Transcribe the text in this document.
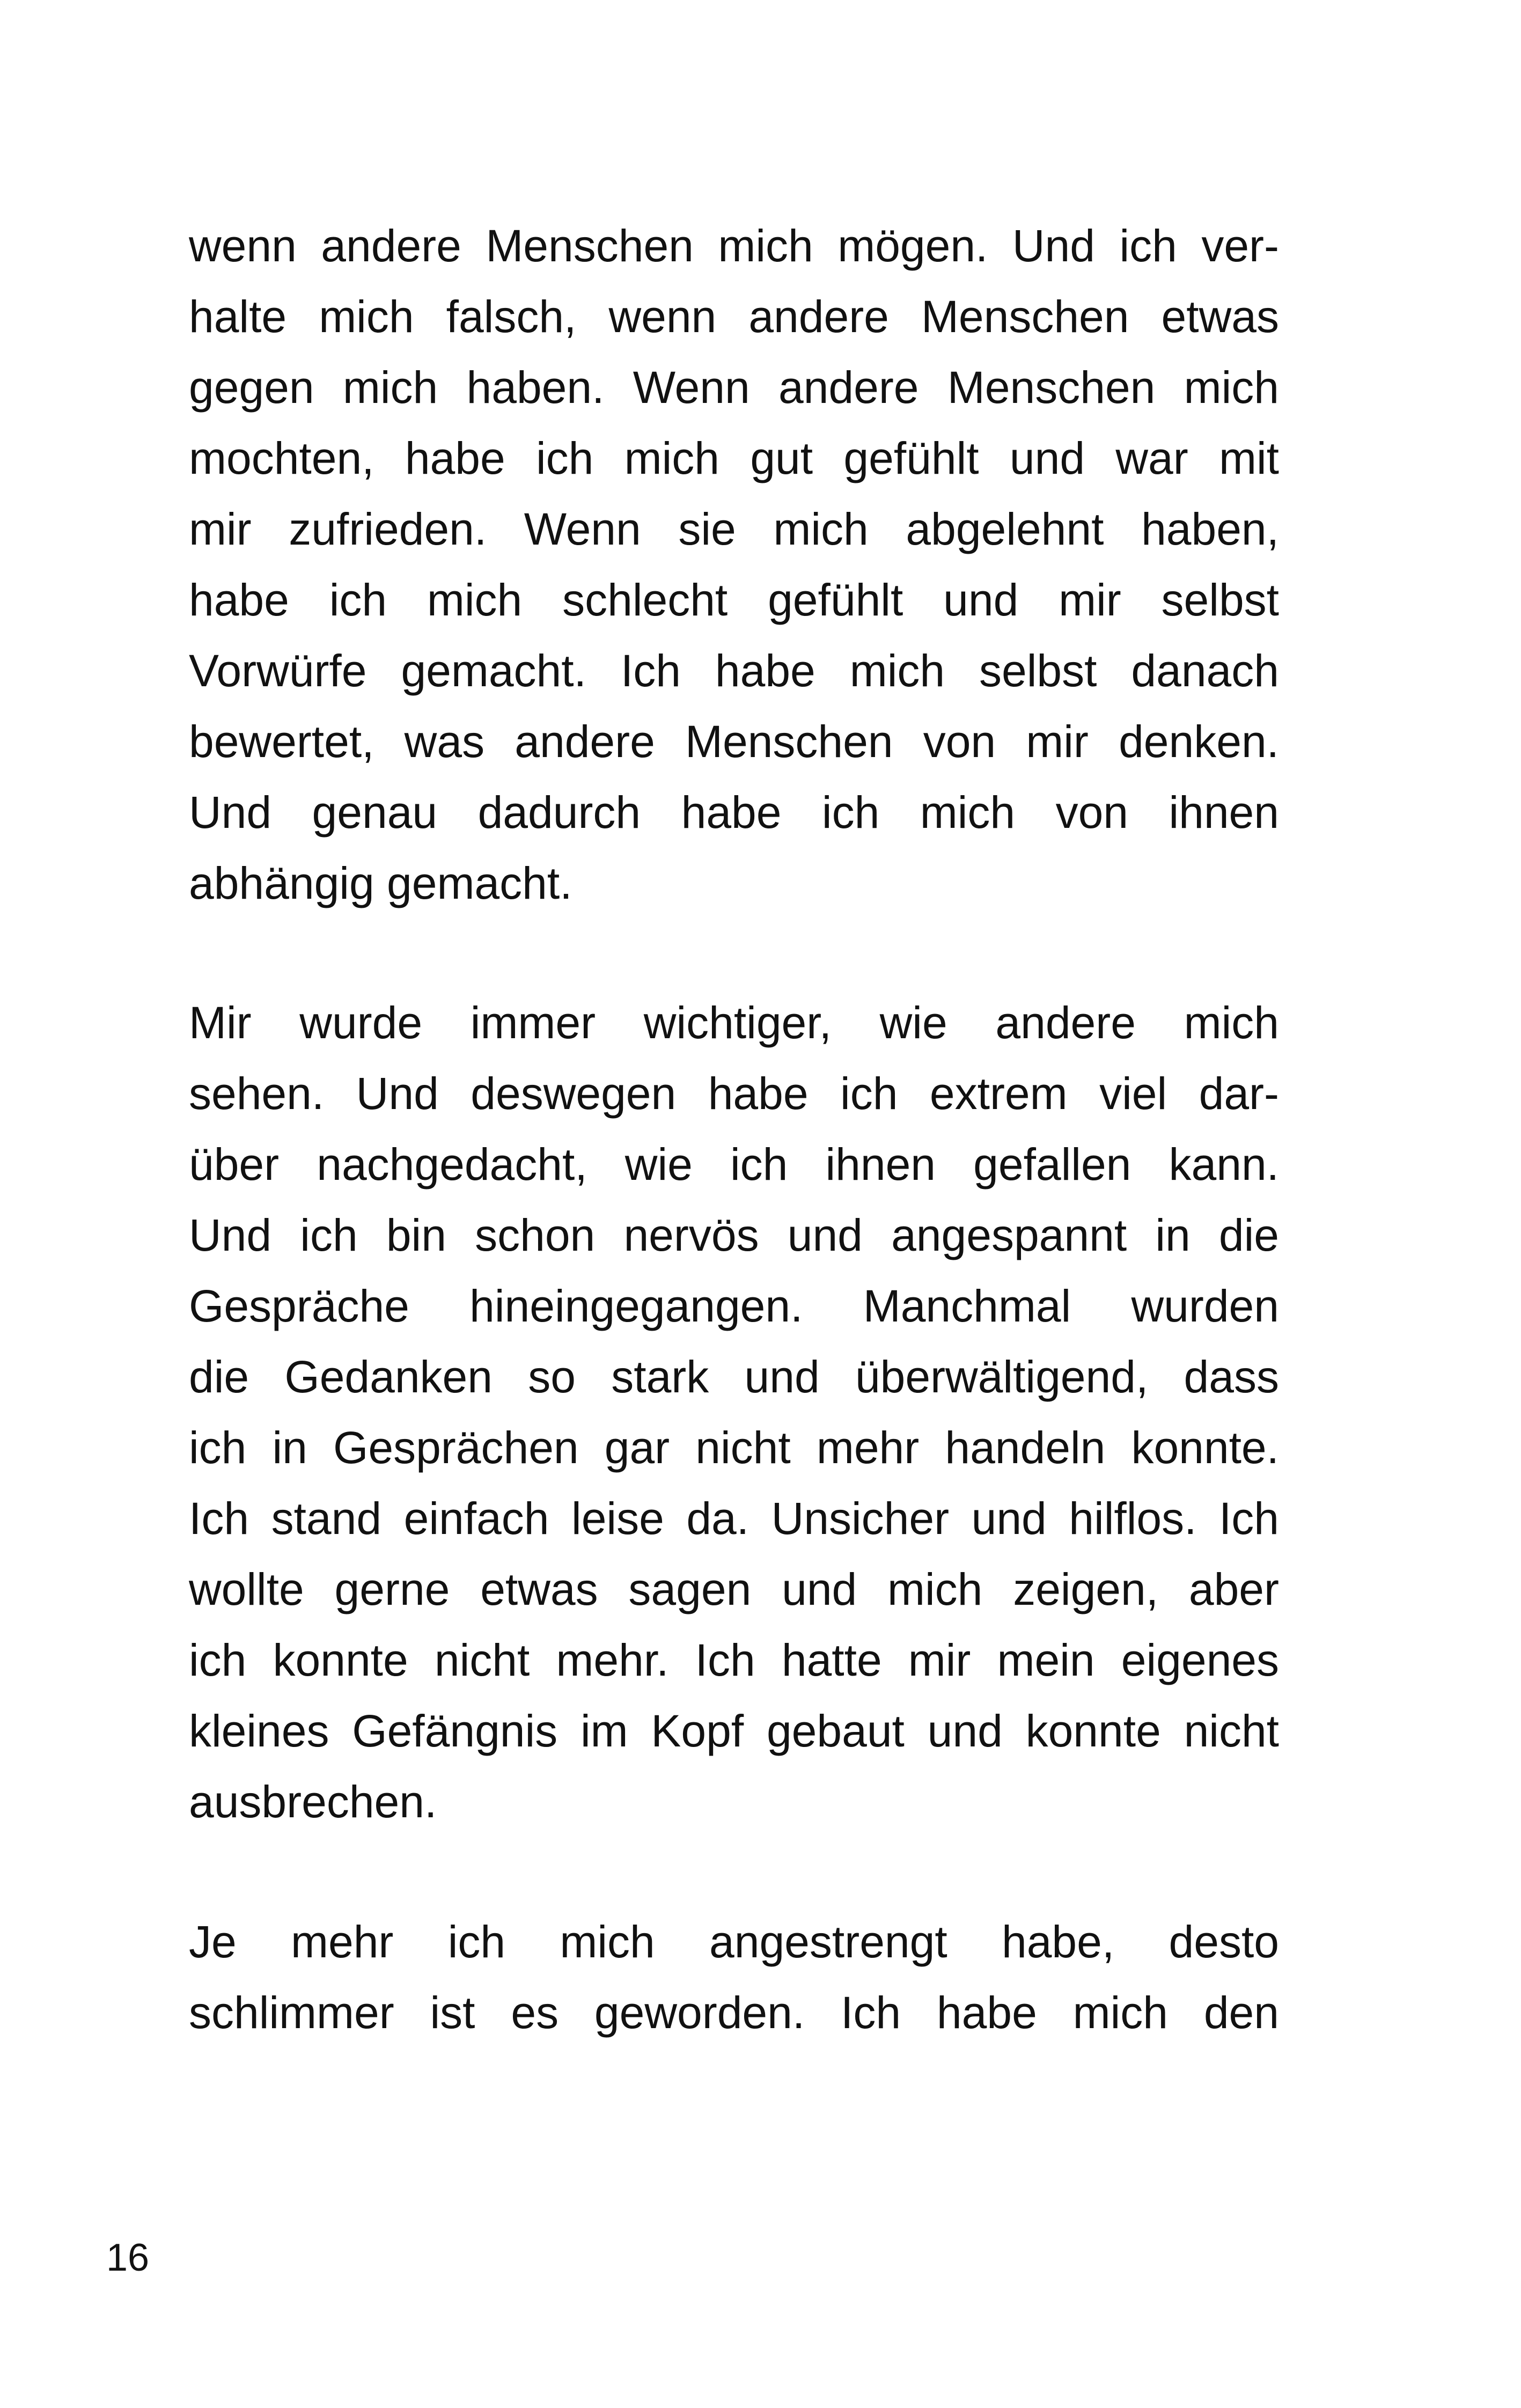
wenn andere Menschen mich mögen. Und ich ver-
halte mich falsch, wenn andere Menschen etwas
gegen mich haben. Wenn andere Menschen mich
mochten, habe ich mich gut gefühlt und war mit
mir zufrieden. Wenn sie mich abgelehnt haben,
habe ich mich schlecht gefühlt und mir selbst
Vorwürfe gemacht. Ich habe mich selbst danach
bewertet, was andere Menschen von mir denken.
Und genau dadurch habe ich mich von ihnen
abhängig gemacht.
Mir wurde immer wichtiger, wie andere mich
sehen. Und deswegen habe ich extrem viel dar-
über nachgedacht, wie ich ihnen gefallen kann.
Und ich bin schon nervös und angespannt in die
Gespräche hineingegangen. Manchmal wurden
die Gedanken so stark und überwältigend, dass
ich in Gesprächen gar nicht mehr handeln konnte.
Ich stand einfach leise da. Unsicher und hilflos. Ich
wollte gerne etwas sagen und mich zeigen, aber
ich konnte nicht mehr. Ich hatte mir mein eigenes
kleines Gefängnis im Kopf gebaut und konnte nicht
ausbrechen.
Je mehr ich mich angestrengt habe, desto
schlimmer ist es geworden. Ich habe mich den
16
